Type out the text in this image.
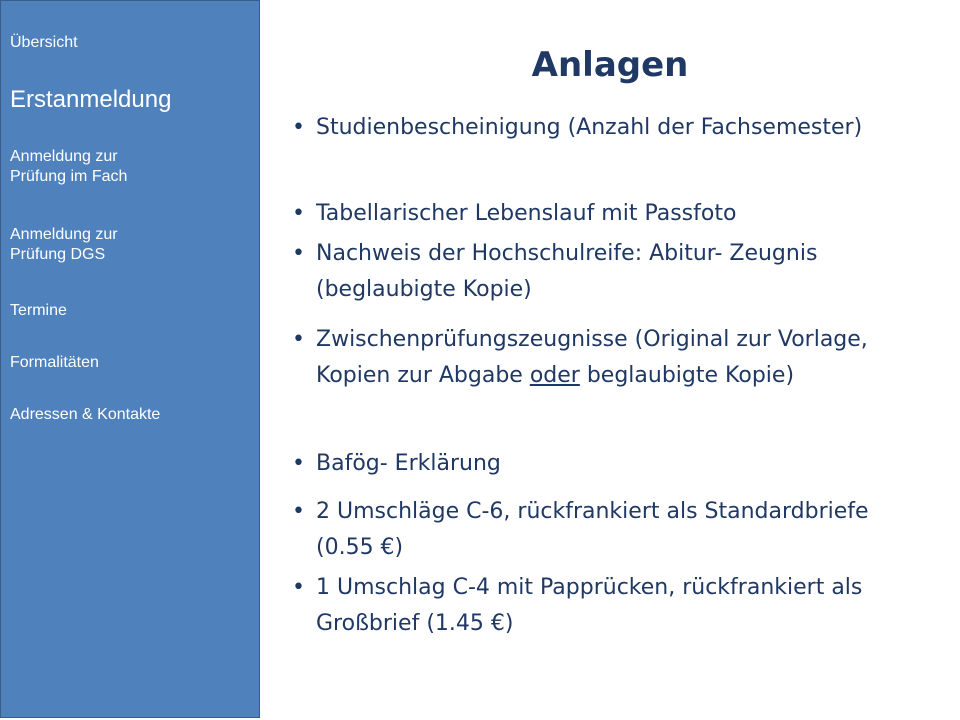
Übersicht
Erstanmeldung
Anmeldung zur
Prüfung im Fach
Anmeldung zur
Prüfung DGS
Termine
Formalitäten
Adressen & Kontakte
Anlagen
• Studienbescheinigung (Anzahl der Fachsemester)
• Tabellarischer Lebenslauf mit Passfoto
• Nachweis der Hochschulreife: Abitur- Zeugnis (beglaubigte Kopie)
• Zwischenprüfungszeugnisse (Original zur Vorlage, Kopien zur Abgabe oder beglaubigte Kopie)
• Bafög- Erklärung
• 2 Umschläge C-6, rückfrankiert als Standardbriefe (0.55 €)
• 1 Umschlag C-4 mit Papprücken, rückfrankiert als Großbrief (1.45 €)
